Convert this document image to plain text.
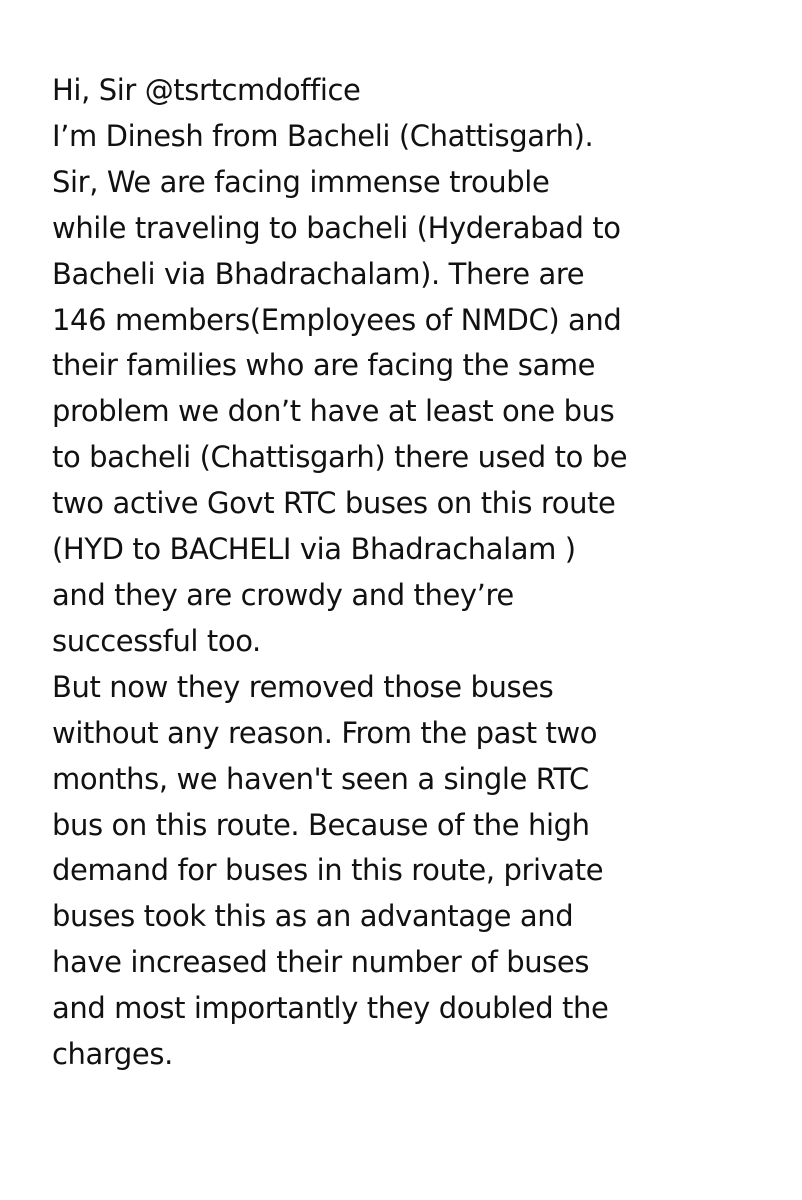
Hi, Sir @tsrtcmdoffice
I’m Dinesh from Bacheli (Chattisgarh).
Sir, We are facing immense trouble
while traveling to bacheli (Hyderabad to
Bacheli via Bhadrachalam). There are
146 members(Employees of NMDC) and
their families who are facing the same
problem we don’t have at least one bus
to bacheli (Chattisgarh) there used to be
two active Govt RTC buses on this route
(HYD to BACHELI via Bhadrachalam )
and they are crowdy and they’re
successful too.
But now they removed those buses
without any reason. From the past two
months, we haven't seen a single RTC
bus on this route. Because of the high
demand for buses in this route, private
buses took this as an advantage and
have increased their number of buses
and most importantly they doubled the
charges.
